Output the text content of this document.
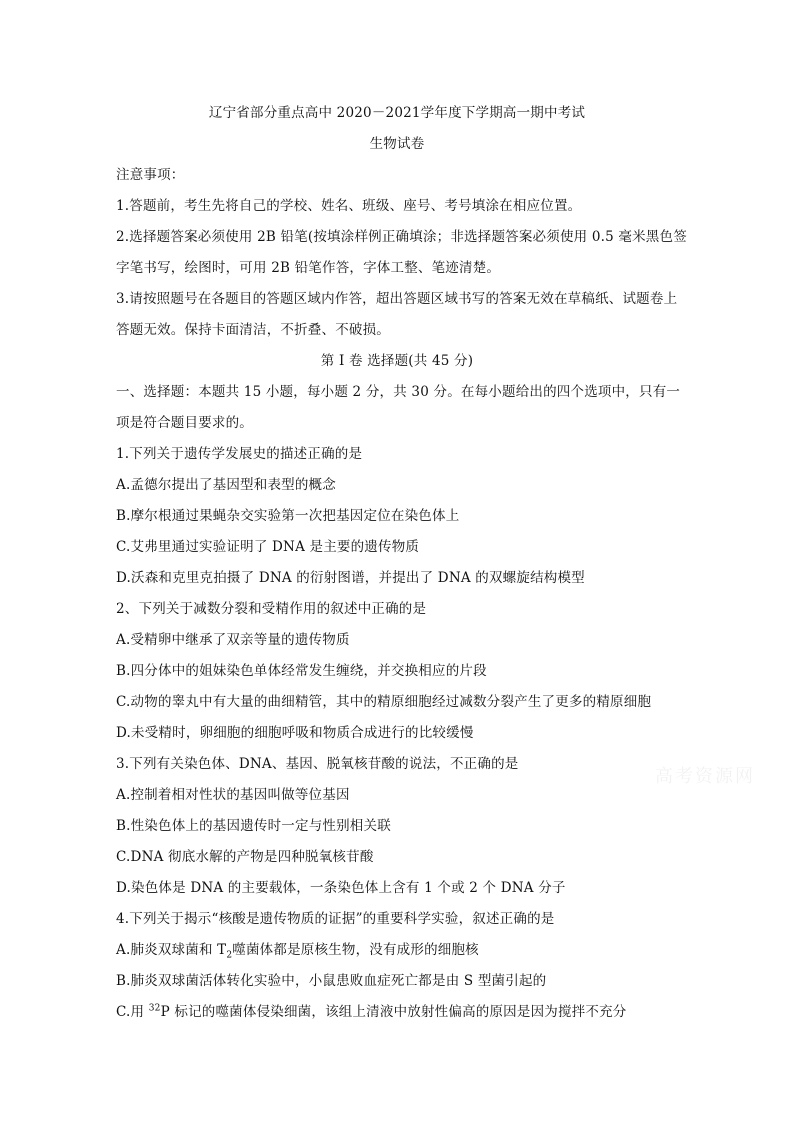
辽宁省部分重点高中 2020－2021学年度下学期高一期中考试
生物试卷
注意事项：
1.答题前，考生先将自己的学校、姓名、班级、座号、考号填涂在相应位置。
2.选择题答案必须使用 2B 铅笔(按填涂样例正确填涂；非选择题答案必须使用 0.5 毫米黑色签
字笔书写，绘图时，可用 2B 铅笔作答，字体工整、笔迹清楚。
3.请按照题号在各题目的答题区域内作答，超出答题区域书写的答案无效在草稿纸、试题卷上
答题无效。保持卡面清洁，不折叠、不破损。
第 I 卷 选择题(共 45 分)
一、选择题：本题共 15 小题，每小题 2 分，共 30 分。在每小题给出的四个选项中，只有一
项是符合题目要求的。
1.下列关于遗传学发展史的描述正确的是
A.孟德尔提出了基因型和表型的概念
B.摩尔根通过果蝇杂交实验第一次把基因定位在染色体上
C.艾弗里通过实验证明了 DNA 是主要的遗传物质
D.沃森和克里克拍摄了 DNA 的衍射图谱，并提出了 DNA 的双螺旋结构模型
2、下列关于减数分裂和受精作用的叙述中正确的是
A.受精卵中继承了双亲等量的遗传物质
B.四分体中的姐妹染色单体经常发生缠绕，并交换相应的片段
C.动物的睾丸中有大量的曲细精管，其中的精原细胞经过减数分裂产生了更多的精原细胞
D.未受精时，卵细胞的细胞呼吸和物质合成进行的比较缓慢
3.下列有关染色体、DNA、基因、脱氧核苷酸的说法，不正确的是
A.控制着相对性状的基因叫做等位基因
B.性染色体上的基因遗传时一定与性别相关联
C.DNA 彻底水解的产物是四种脱氧核苷酸
D.染色体是 DNA 的主要载体，一条染色体上含有 1 个或 2 个 DNA 分子
4.下列关于揭示“核酸是遗传物质的证据”的重要科学实验，叙述正确的是
A.肺炎双球菌和 $T_2$噬菌体都是原核生物，没有成形的细胞核
B.肺炎双球菌活体转化实验中，小鼠患败血症死亡都是由 S 型菌引起的
C.用 $^{32}$P 标记的噬菌体侵染细菌，该组上清液中放射性偏高的原因是因为搅拌不充分
高考资源网
